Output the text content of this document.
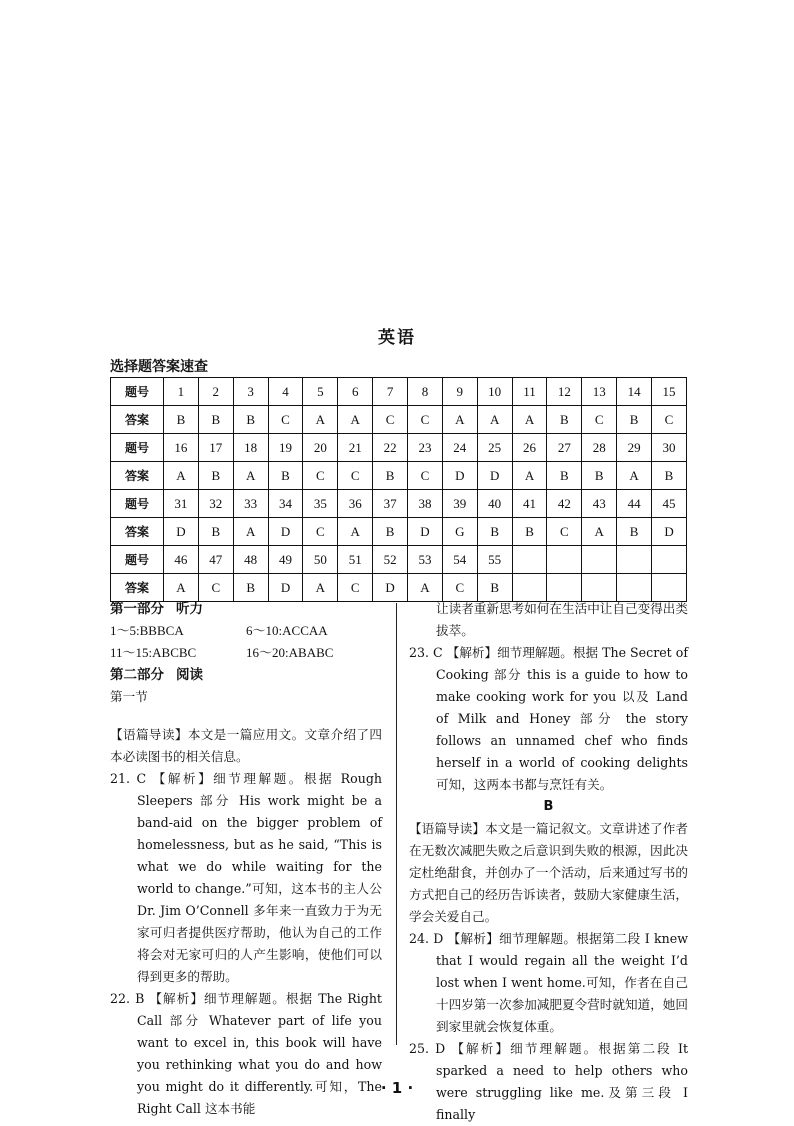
英语
选择题答案速查
题号	1	2	3	4	5	6	7	8	9	10	11	12	13	14	15
答案	B	B	B	C	A	A	C	C	A	A	A	B	C	B	C
题号	16	17	18	19	20	21	22	23	24	25	26	27	28	29	30
答案	A	B	A	B	C	C	B	C	D	D	A	B	B	A	B
题号	31	32	33	34	35	36	37	38	39	40	41	42	43	44	45
答案	D	B	A	D	C	A	B	D	G	B	B	C	A	B	D
题号	46	47	48	49	50	51	52	53	54	55					
答案	A	C	B	D	A	C	D	A	C	B					
第一部分 听力
1～5:BBBCA	6～10:ACCAA
11～15:ABCBC	16～20:ABABC
第二部分 阅读
第一节

【语篇导读】本文是一篇应用文。文章介绍了四本必读图书的相关信息。

21. C 【解析】细节理解题。根据 Rough Sleepers 部分 His work might be a band-aid on the bigger problem of homelessness, but as he said, “This is what we do while waiting for the world to change.”可知，这本书的主人公 Dr. Jim O’Connell 多年来一直致力于为无家可归者提供医疗帮助，他认为自己的工作将会对无家可归的人产生影响，使他们可以得到更多的帮助。

22. B 【解析】细节理解题。根据 The Right Call 部分 Whatever part of life you want to excel in, this book will have you rethinking what you do and how you might do it differently.可知，The Right Call 这本书能

让读者重新思考如何在生活中让自己变得出类拔萃。

23. C 【解析】细节理解题。根据 The Secret of Cooking 部分 this is a guide to how to make cooking work for you 以及 Land of Milk and Honey 部分 the story follows an unnamed chef who finds herself in a world of cooking delights 可知，这两本书都与烹饪有关。

B

【语篇导读】本文是一篇记叙文。文章讲述了作者在无数次减肥失败之后意识到失败的根源，因此决定杜绝甜食，并创办了一个活动，后来通过写书的方式把自己的经历告诉读者，鼓励大家健康生活，学会关爱自己。

24. D 【解析】细节理解题。根据第二段 I knew that I would regain all the weight I’d lost when I went home.可知，作者在自己十四岁第一次参加减肥夏令营时就知道，她回到家里就会恢复体重。

25. D 【解析】细节理解题。根据第二段 It sparked a need to help others who were struggling like me.及第三段 I finally

· 1 ·
